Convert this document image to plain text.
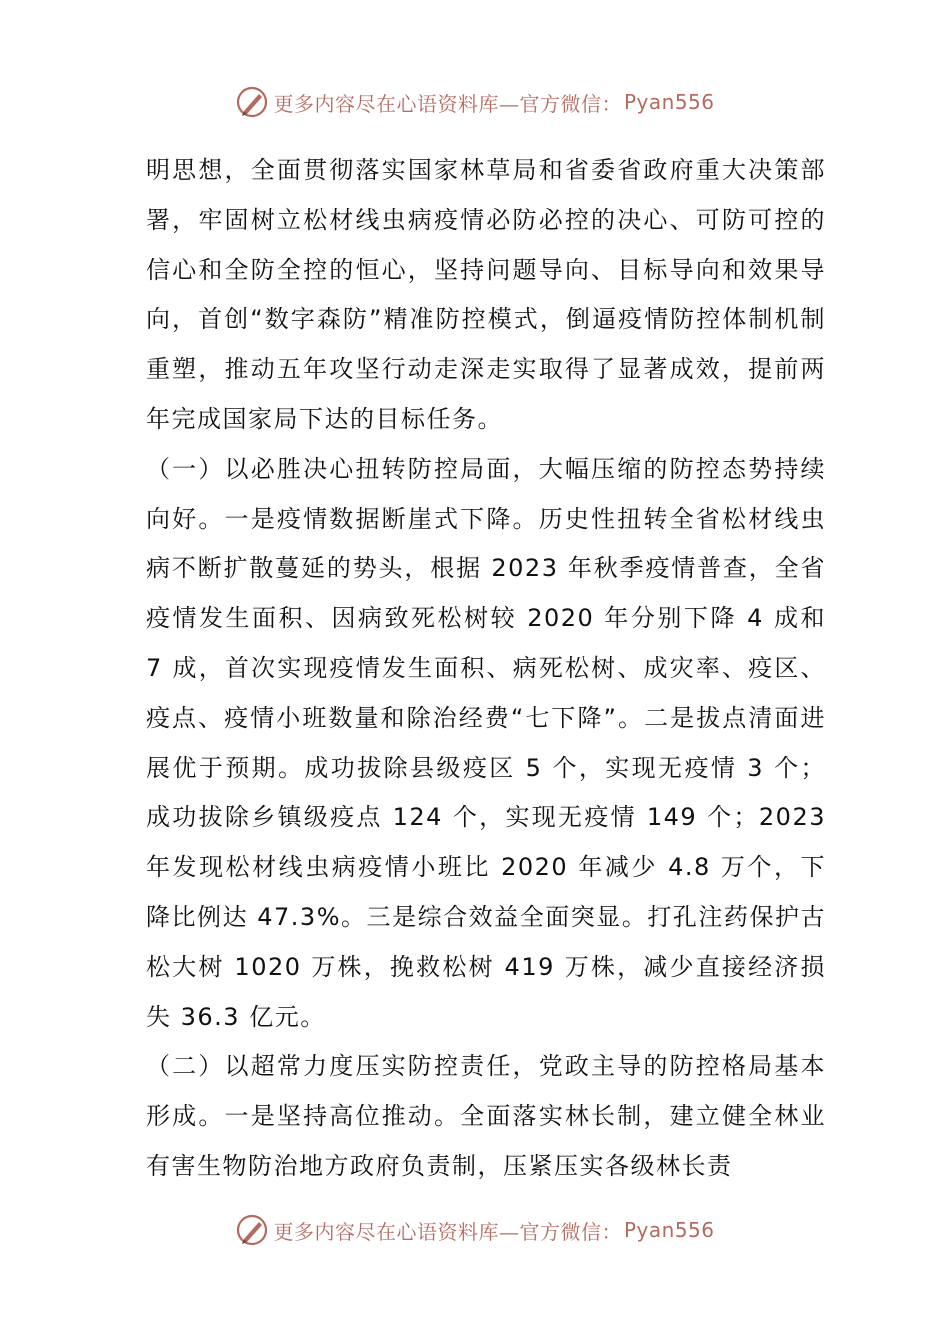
更多内容尽在心语资料库—官方微信： Pyan556

明思想，全面贯彻落实国家林草局和省委省政府重大决策部署，牢固树立松材线虫病疫情必防必控的决心、可防可控的信心和全防全控的恒心，坚持问题导向、目标导向和效果导向，首创“数字森防”精准防控模式，倒逼疫情防控体制机制重塑，推动五年攻坚行动走深走实取得了显著成效，提前两年完成国家局下达的目标任务。

（一）以必胜决心扭转防控局面，大幅压缩的防控态势持续向好。一是疫情数据断崖式下降。历史性扭转全省松材线虫病不断扩散蔓延的势头，根据 2023 年秋季疫情普查，全省疫情发生面积、因病致死松树较 2020 年分别下降 4 成和 7 成，首次实现疫情发生面积、病死松树、成灾率、疫区、疫点、疫情小班数量和除治经费“七下降”。二是拔点清面进展优于预期。成功拔除县级疫区 5 个，实现无疫情 3 个；成功拔除乡镇级疫点 124 个，实现无疫情 149 个；2023 年发现松材线虫病疫情小班比 2020 年减少 4.8 万个，下降比例达 47.3%。三是综合效益全面突显。打孔注药保护古松大树 1020 万株，挽救松树 419 万株，减少直接经济损失 36.3 亿元。

（二）以超常力度压实防控责任，党政主导的防控格局基本形成。一是坚持高位推动。全面落实林长制，建立健全林业有害生物防治地方政府负责制，压紧压实各级林长责

更多内容尽在心语资料库—官方微信： Pyan556
